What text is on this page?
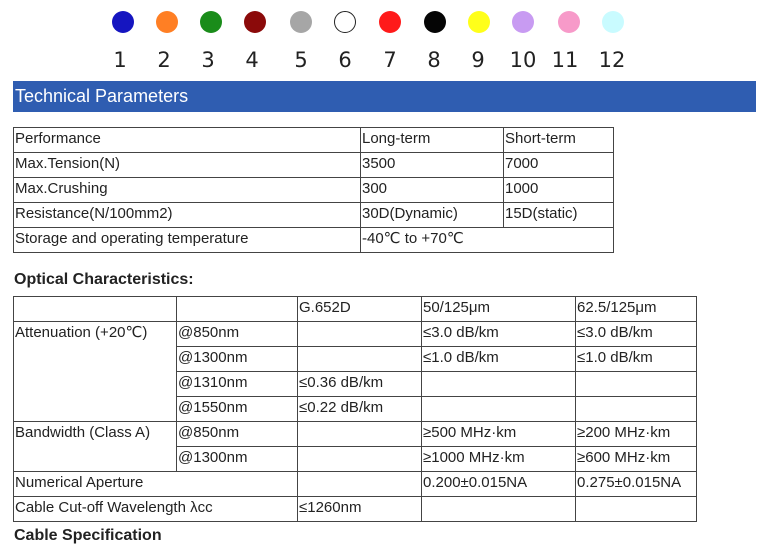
1 2 3 4 5 6 7 8 9 10 11 12
Technical Parameters
Performance	Long-term	Short-term
Max.Tension(N)	3500	7000
Max.Crushing	300	1000
Resistance(N/100mm2)	30D(Dynamic)	15D(static)
Storage and operating temperature	-40℃ to +70℃	
Optical Characteristics:
		G.652D	50/125μm	62.5/125μm
Attenuation (+20℃)	@850nm		≤3.0 dB/km	≤3.0 dB/km
	@1300nm		≤1.0 dB/km	≤1.0 dB/km
	@1310nm	≤0.36 dB/km		
	@1550nm	≤0.22 dB/km		
Bandwidth (Class A)	@850nm		≥500 MHz·km	≥200 MHz·km
	@1300nm		≥1000 MHz·km	≥600 MHz·km
Numerical Aperture			0.200±0.015NA	0.275±0.015NA
Cable Cut-off Wavelength λcc		≤1260nm		
Cable Specification
